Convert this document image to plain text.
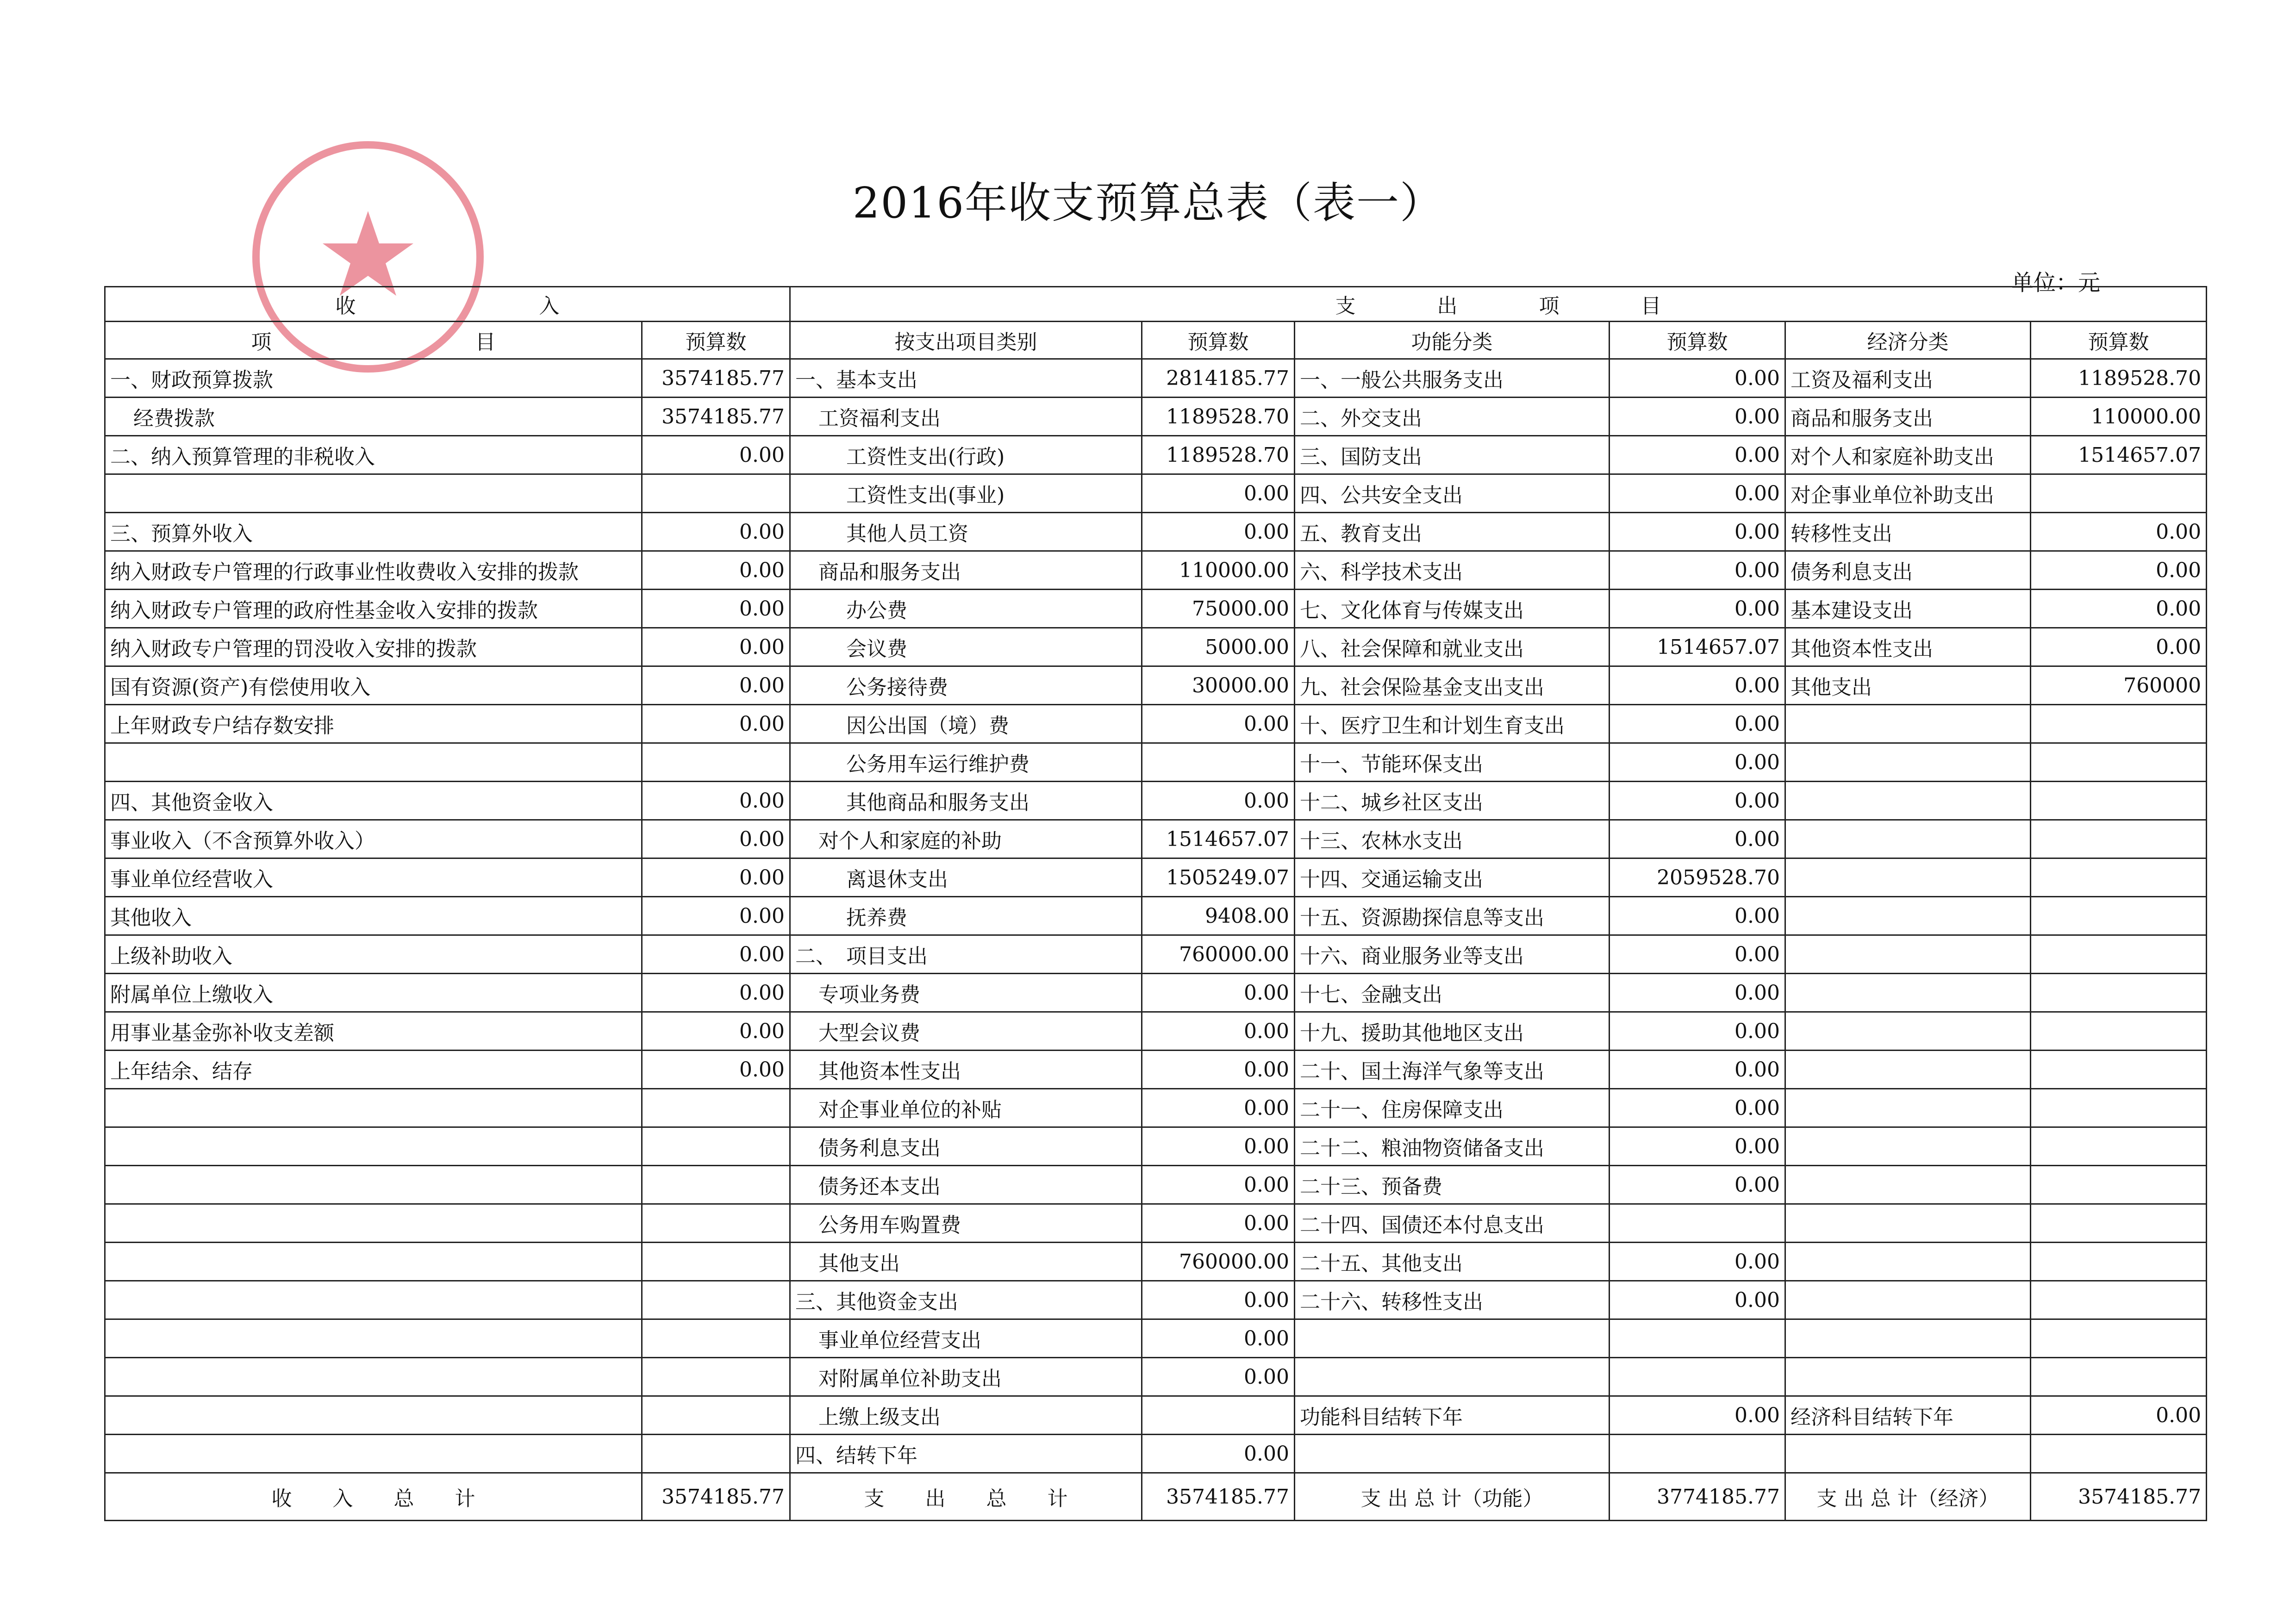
2016年收支预算总表（表一）
单位：元
收　　　　　　　　　入		支　　　　出　　　　项　　　　目					
项　　　　　　　　　　目	预算数	按支出项目类别	预算数	功能分类	预算数	经济分类	预算数
一、财政预算拨款	3574185.77	一、基本支出	2814185.77	一、一般公共服务支出	0.00	工资及福利支出	1189528.70
经费拨款	3574185.77	工资福利支出	1189528.70	二、外交支出	0.00	商品和服务支出	110000.00
二、纳入预算管理的非税收入	0.00	工资性支出(行政)	1189528.70	三、国防支出	0.00	对个人和家庭补助支出	1514657.07
		工资性支出(事业)	0.00	四、公共安全支出	0.00	对企事业单位补助支出	
三、预算外收入	0.00	其他人员工资	0.00	五、教育支出	0.00	转移性支出	0.00
纳入财政专户管理的行政事业性收费收入安排的拨款	0.00	商品和服务支出	110000.00	六、科学技术支出	0.00	债务利息支出	0.00
纳入财政专户管理的政府性基金收入安排的拨款	0.00	办公费	75000.00	七、文化体育与传媒支出	0.00	基本建设支出	0.00
纳入财政专户管理的罚没收入安排的拨款	0.00	会议费	5000.00	八、社会保障和就业支出	1514657.07	其他资本性支出	0.00
国有资源(资产)有偿使用收入	0.00	公务接待费	30000.00	九、社会保险基金支出支出	0.00	其他支出	760000
上年财政专户结存数安排	0.00	因公出国（境）费	0.00	十、医疗卫生和计划生育支出	0.00		
		公务用车运行维护费		十一、节能环保支出	0.00		
四、其他资金收入	0.00	其他商品和服务支出	0.00	十二、城乡社区支出	0.00		
事业收入（不含预算外收入）	0.00	对个人和家庭的补助	1514657.07	十三、农林水支出	0.00		
事业单位经营收入	0.00	离退休支出	1505249.07	十四、交通运输支出	2059528.70		
其他收入	0.00	抚养费	9408.00	十五、资源勘探信息等支出	0.00		
上级补助收入	0.00	二、　项目支出	760000.00	十六、商业服务业等支出	0.00		
附属单位上缴收入	0.00	专项业务费	0.00	十七、金融支出	0.00		
用事业基金弥补收支差额	0.00	大型会议费	0.00	十九、援助其他地区支出	0.00		
上年结余、结存	0.00	其他资本性支出	0.00	二十、国土海洋气象等支出	0.00		
		对企事业单位的补贴	0.00	二十一、住房保障支出	0.00		
		债务利息支出	0.00	二十二、粮油物资储备支出	0.00		
		债务还本支出	0.00	二十三、预备费	0.00		
		公务用车购置费	0.00	二十四、国债还本付息支出			
		其他支出	760000.00	二十五、其他支出	0.00		
		三、其他资金支出	0.00	二十六、转移性支出	0.00		
		事业单位经营支出	0.00				
		对附属单位补助支出	0.00				
		上缴上级支出		功能科目结转下年	0.00	经济科目结转下年	0.00
		四、结转下年	0.00				
收　　入　　总　　计	3574185.77	支　　出　　总　　计	3574185.77	支 出 总 计（功能）	3774185.77	支 出 总 计（经济）	3574185.77
